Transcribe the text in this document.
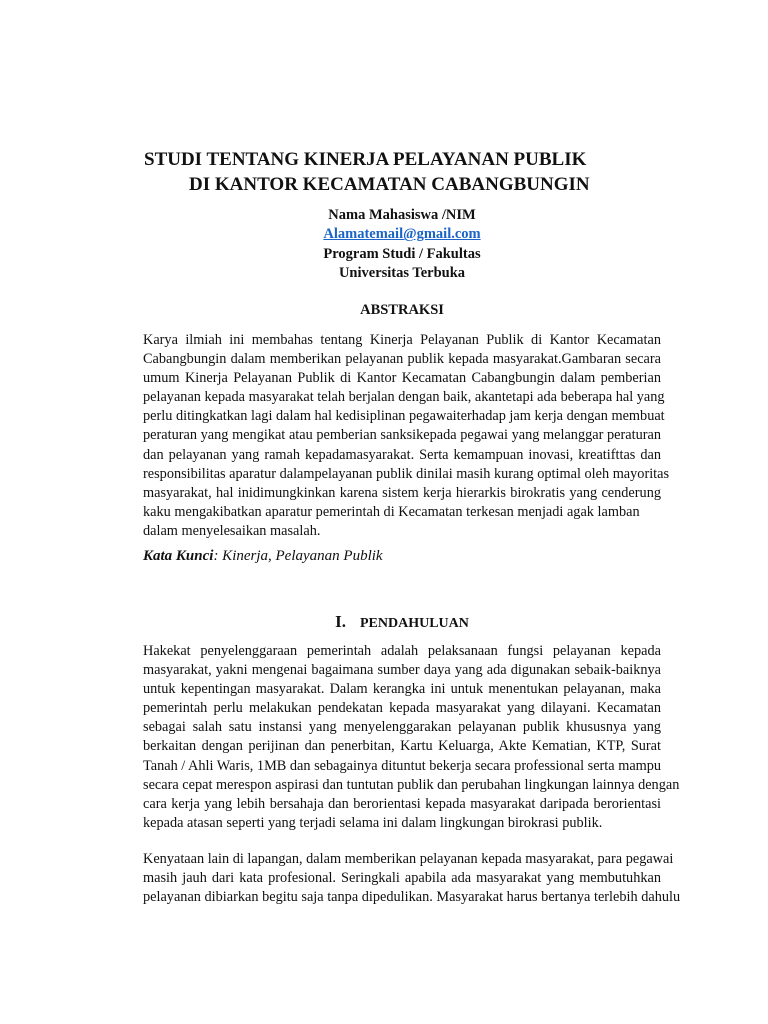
STUDI TENTANG KINERJA PELAYANAN PUBLIK
DI KANTOR KECAMATAN CABANGBUNGIN
Nama Mahasiswa /NIM
Alamatemail@gmail.com
Program Studi / Fakultas
Universitas Terbuka
ABSTRAKSI
Karya ilmiah ini membahas tentang Kinerja Pelayanan Publik di Kantor Kecamatan
Cabangbungin dalam memberikan pelayanan publik kepada masyarakat.Gambaran secara
umum Kinerja Pelayanan Publik di Kantor Kecamatan Cabangbungin dalam pemberian
pelayanan kepada masyarakat telah berjalan dengan baik, akantetapi ada beberapa hal yang
perlu ditingkatkan lagi dalam hal kedisiplinan pegawaiterhadap jam kerja dengan membuat
peraturan yang mengikat atau pemberian sanksikepada pegawai yang melanggar peraturan
dan pelayanan yang ramah kepadamasyarakat. Serta kemampuan inovasi, kreatifttas dan
responsibilitas aparatur dalampelayanan publik dinilai masih kurang optimal oleh mayoritas
masyarakat, hal inidimungkinkan karena sistem kerja hierarkis birokratis yang cenderung
kaku mengakibatkan aparatur pemerintah di Kecamatan terkesan menjadi agak lamban
dalam menyelesaikan masalah.
Kata Kunci: Kinerja, Pelayanan Publik
I. PENDAHULUAN
Hakekat penyelenggaraan pemerintah adalah pelaksanaan fungsi pelayanan kepada
masyarakat, yakni mengenai bagaimana sumber daya yang ada digunakan sebaik-baiknya
untuk kepentingan masyarakat. Dalam kerangka ini untuk menentukan pelayanan, maka
pemerintah perlu melakukan pendekatan kepada masyarakat yang dilayani. Kecamatan
sebagai salah satu instansi yang menyelenggarakan pelayanan publik khususnya yang
berkaitan dengan perijinan dan penerbitan, Kartu Keluarga, Akte Kematian, KTP, Surat
Tanah / Ahli Waris, 1MB dan sebagainya dituntut bekerja secara professional serta mampu
secara cepat merespon aspirasi dan tuntutan publik dan perubahan lingkungan lainnya dengan
cara kerja yang lebih bersahaja dan berorientasi kepada masyarakat daripada berorientasi
kepada atasan seperti yang terjadi selama ini dalam lingkungan birokrasi publik.
Kenyataan lain di lapangan, dalam memberikan pelayanan kepada masyarakat, para pegawai
masih jauh dari kata profesional. Seringkali apabila ada masyarakat yang membutuhkan
pelayanan dibiarkan begitu saja tanpa dipedulikan. Masyarakat harus bertanya terlebih dahulu
